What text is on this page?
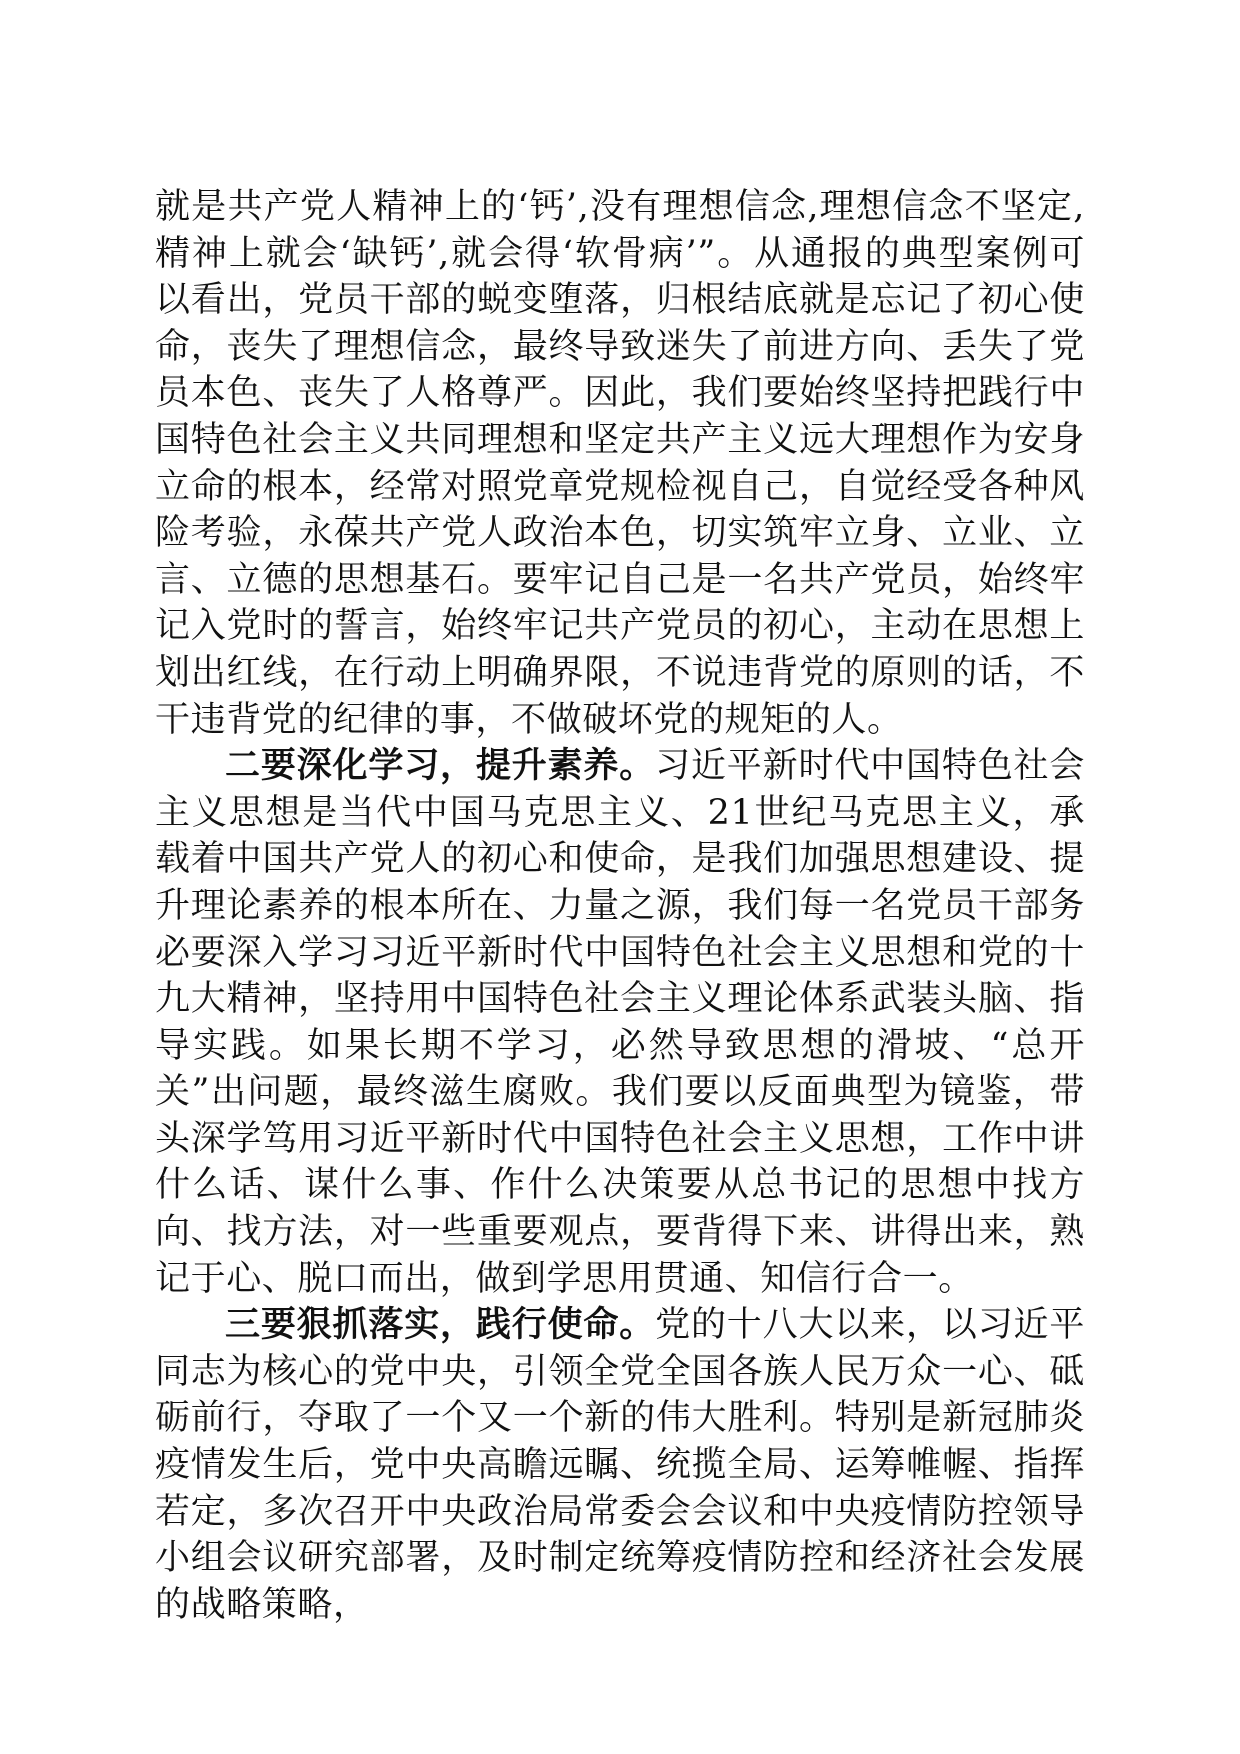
就是共产党人精神上的‘钙’,没有理想信念,理想信念不坚定,精神上就会‘缺钙’,就会得‘软骨病’”。从通报的典型案例可以看出，党员干部的蜕变堕落，归根结底就是忘记了初心使命，丧失了理想信念，最终导致迷失了前进方向、丢失了党员本色、丧失了人格尊严。因此，我们要始终坚持把践行中国特色社会主义共同理想和坚定共产主义远大理想作为安身立命的根本，经常对照党章党规检视自己，自觉经受各种风险考验，永葆共产党人政治本色，切实筑牢立身、立业、立言、立德的思想基石。要牢记自己是一名共产党员，始终牢记入党时的誓言，始终牢记共产党员的初心，主动在思想上划出红线，在行动上明确界限，不说违背党的原则的话，不干违背党的纪律的事，不做破坏党的规矩的人。

二要深化学习，提升素养。习近平新时代中国特色社会主义思想是当代中国马克思主义、21世纪马克思主义，承载着中国共产党人的初心和使命，是我们加强思想建设、提升理论素养的根本所在、力量之源，我们每一名党员干部务必要深入学习习近平新时代中国特色社会主义思想和党的十九大精神，坚持用中国特色社会主义理论体系武装头脑、指导实践。如果长期不学习，必然导致思想的滑坡、“总开关”出问题，最终滋生腐败。我们要以反面典型为镜鉴，带头深学笃用习近平新时代中国特色社会主义思想，工作中讲什么话、谋什么事、作什么决策要从总书记的思想中找方向、找方法，对一些重要观点，要背得下来、讲得出来，熟记于心、脱口而出，做到学思用贯通、知信行合一。

三要狠抓落实，践行使命。党的十八大以来，以习近平同志为核心的党中央，引领全党全国各族人民万众一心、砥砺前行，夺取了一个又一个新的伟大胜利。特别是新冠肺炎疫情发生后，党中央高瞻远瞩、统揽全局、运筹帷幄、指挥若定，多次召开中央政治局常委会会议和中央疫情防控领导小组会议研究部署，及时制定统筹疫情防控和经济社会发展的战略策略，
